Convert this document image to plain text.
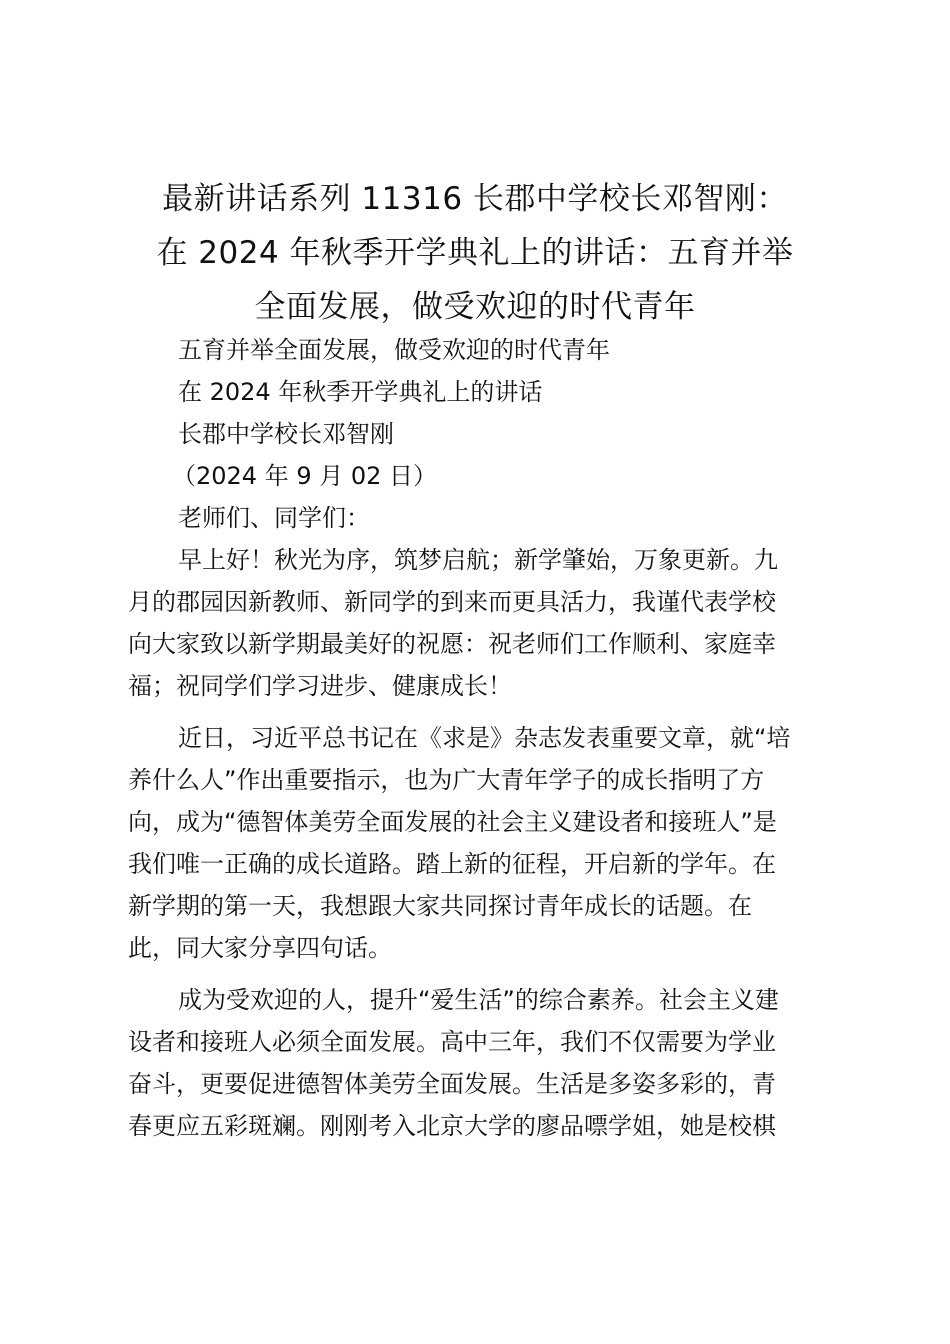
最新讲话系列 11316 长郡中学校长邓智刚：
在 2024 年秋季开学典礼上的讲话：五育并举
全面发展，做受欢迎的时代青年
五育并举全面发展，做受欢迎的时代青年
在 2024 年秋季开学典礼上的讲话
长郡中学校长邓智刚
（2024 年 9 月 02 日）
老师们、同学们：
早上好！秋光为序，筑梦启航；新学肇始，万象更新。九
月的郡园因新教师、新同学的到来而更具活力，我谨代表学校
向大家致以新学期最美好的祝愿：祝老师们工作顺利、家庭幸
福；祝同学们学习进步、健康成长！
近日，习近平总书记在《求是》杂志发表重要文章，就“培
养什么人”作出重要指示，也为广大青年学子的成长指明了方
向，成为“德智体美劳全面发展的社会主义建设者和接班人”是
我们唯一正确的成长道路。踏上新的征程，开启新的学年。在
新学期的第一天，我想跟大家共同探讨青年成长的话题。在
此，同大家分享四句话。
成为受欢迎的人，提升“爱生活”的综合素养。社会主义建
设者和接班人必须全面发展。高中三年，我们不仅需要为学业
奋斗，更要促进德智体美劳全面发展。生活是多姿多彩的，青
春更应五彩斑斓。刚刚考入北京大学的廖品嘌学姐，她是校棋
